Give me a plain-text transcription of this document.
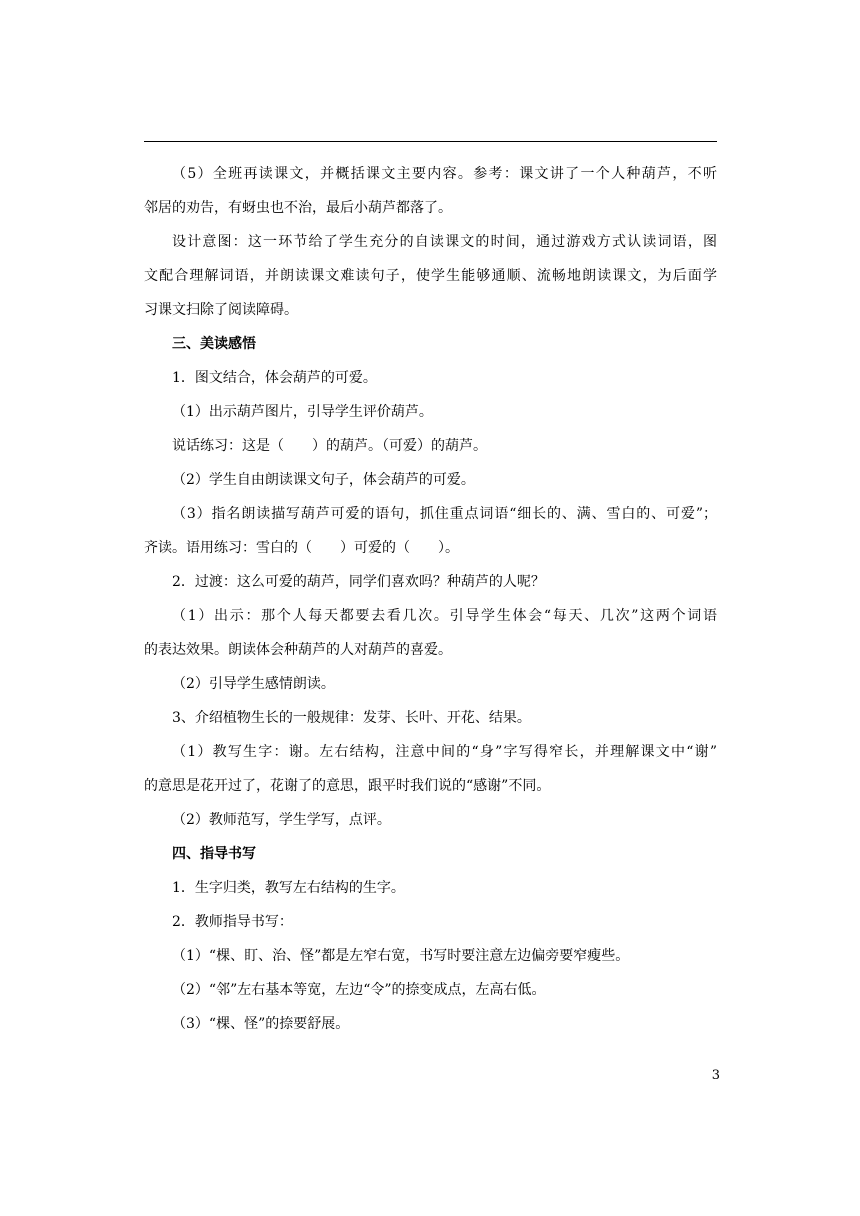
（5）全班再读课文，并概括课文主要内容。参考：课文讲了一个人种葫芦，不听
邻居的劝告，有蚜虫也不治，最后小葫芦都落了。
设计意图：这一环节给了学生充分的自读课文的时间，通过游戏方式认读词语，图
文配合理解词语，并朗读课文难读句子，使学生能够通顺、流畅地朗读课文，为后面学
习课文扫除了阅读障碍。
三、美读感悟
1．图文结合，体会葫芦的可爱。
（1）出示葫芦图片，引导学生评价葫芦。
说话练习：这是（　　）的葫芦。（可爱）的葫芦。
（2）学生自由朗读课文句子，体会葫芦的可爱。
（3）指名朗读描写葫芦可爱的语句，抓住重点词语“细长的、满、雪白的、可爱”；
齐读。语用练习：雪白的（　　）可爱的（　　）。
2．过渡：这么可爱的葫芦，同学们喜欢吗？种葫芦的人呢？
（1）出示：那个人每天都要去看几次。引导学生体会“每天、几次”这两个词语
的表达效果。朗读体会种葫芦的人对葫芦的喜爱。
（2）引导学生感情朗读。
3、介绍植物生长的一般规律：发芽、长叶、开花、结果。
（1）教写生字：谢。左右结构，注意中间的“身”字写得窄长，并理解课文中“谢”
的意思是花开过了，花谢了的意思，跟平时我们说的“感谢”不同。
（2）教师范写，学生学写，点评。
四、指导书写
1．生字归类，教写左右结构的生字。
2．教师指导书写：
（1）“棵、盯、治、怪”都是左窄右宽，书写时要注意左边偏旁要窄瘦些。
（2）“邻”左右基本等宽，左边“令”的捺变成点，左高右低。
（3）“棵、怪”的捺要舒展。
3
